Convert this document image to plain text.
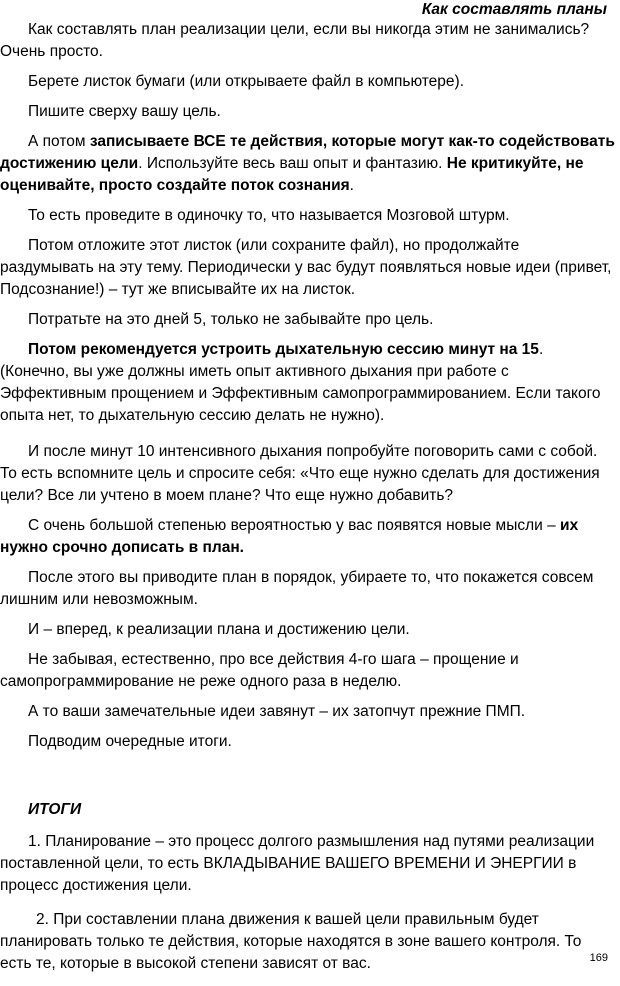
Как составлять планы

Как составлять план реализации цели, если вы никогда этим не занимались? Очень просто.

Берете листок бумаги (или открываете файл в компьютере).

Пишите сверху вашу цель.

А потом записываете ВСЕ те действия, которые могут как-то содействовать достижению цели. Используйте весь ваш опыт и фантазию. Не критикуйте, не оценивайте, просто создайте поток сознания.

То есть проведите в одиночку то, что называется Мозговой штурм.

Потом отложите этот листок (или сохраните файл), но продолжайте раздумывать на эту тему. Периодически у вас будут появляться новые идеи (привет, Подсознание!) – тут же вписывайте их на листок.

Потратьте на это дней 5, только не забывайте про цель.

Потом рекомендуется устроить дыхательную сессию минут на 15. (Конечно, вы уже должны иметь опыт активного дыхания при работе с Эффективным прощением и Эффективным самопрограммированием. Если такого опыта нет, то дыхательную сессию делать не нужно).

И после минут 10 интенсивного дыхания попробуйте поговорить сами с собой. То есть вспомните цель и спросите себя: «Что еще нужно сделать для достижения цели? Все ли учтено в моем плане? Что еще нужно добавить?

С очень большой степенью вероятностью у вас появятся новые мысли – их нужно срочно дописать в план.

После этого вы приводите план в порядок, убираете то, что покажется совсем лишним или невозможным.

И – вперед, к реализации плана и достижению цели.

Не забывая, естественно, про все действия 4-го шага – прощение и самопрограммирование не реже одного раза в неделю.

А то ваши замечательные идеи завянут – их затопчут прежние ПМП.

Подводим очередные итоги.

ИТОГИ

1. Планирование – это процесс долгого размышления над путями реализации поставленной цели, то есть ВКЛАДЫВАНИЕ ВАШЕГО ВРЕМЕНИ И ЭНЕРГИИ в процесс достижения цели.

2. При составлении плана движения к вашей цели правильным будет планировать только те действия, которые находятся в зоне вашего контроля. То есть те, которые в высокой степени зависят от вас.	169
